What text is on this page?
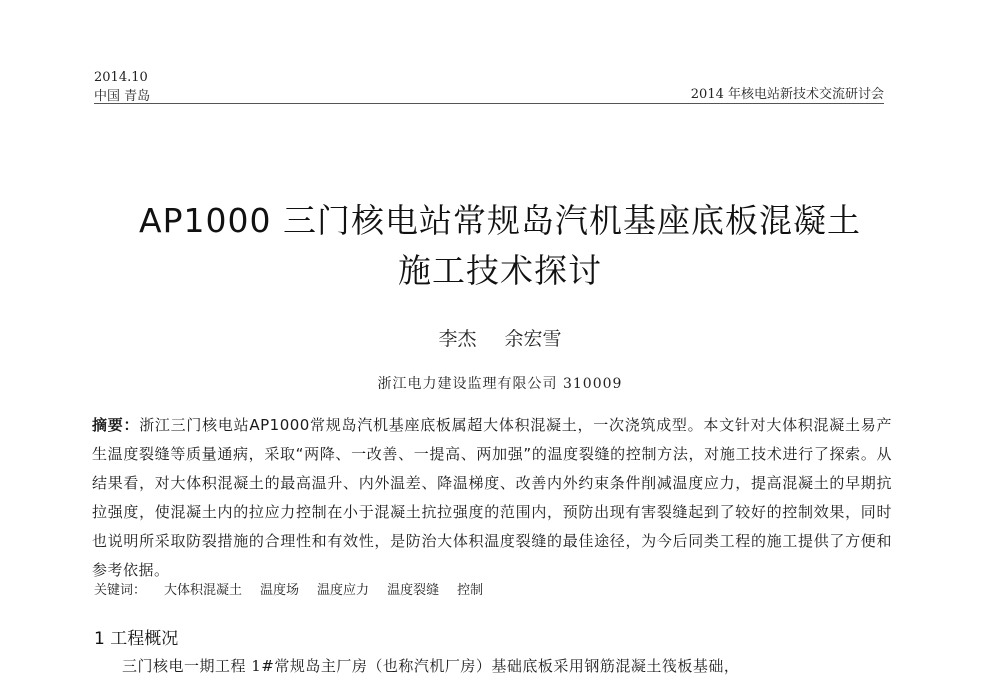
2014.10
中国 青岛	2014 年核电站新技术交流研讨会
AP1000 三门核电站常规岛汽机基座底板混凝土
施工技术探讨
李杰 余宏雪
浙江电力建设监理有限公司 310009
摘要：浙江三门核电站AP1000常规岛汽机基座底板属超大体积混凝土，一次浇筑成型。本文针对大体积混凝土易产生温度裂缝等质量通病，采取“两降、一改善、一提高、两加强”的温度裂缝的控制方法，对施工技术进行了探索。从结果看，对大体积混凝土的最高温升、内外温差、降温梯度、改善内外约束条件削减温度应力，提高混凝土的早期抗拉强度，使混凝土内的拉应力控制在小于混凝土抗拉强度的范围内，预防出现有害裂缝起到了较好的控制效果，同时也说明所采取防裂措施的合理性和有效性，是防治大体积温度裂缝的最佳途径，为今后同类工程的施工提供了方便和参考依据。
关键词： 大体积混凝土 温度场 温度应力 温度裂缝 控制
1 工程概况
三门核电一期工程 1#常规岛主厂房（也称汽机厂房）基础底板采用钢筋混凝土筏板基础，
